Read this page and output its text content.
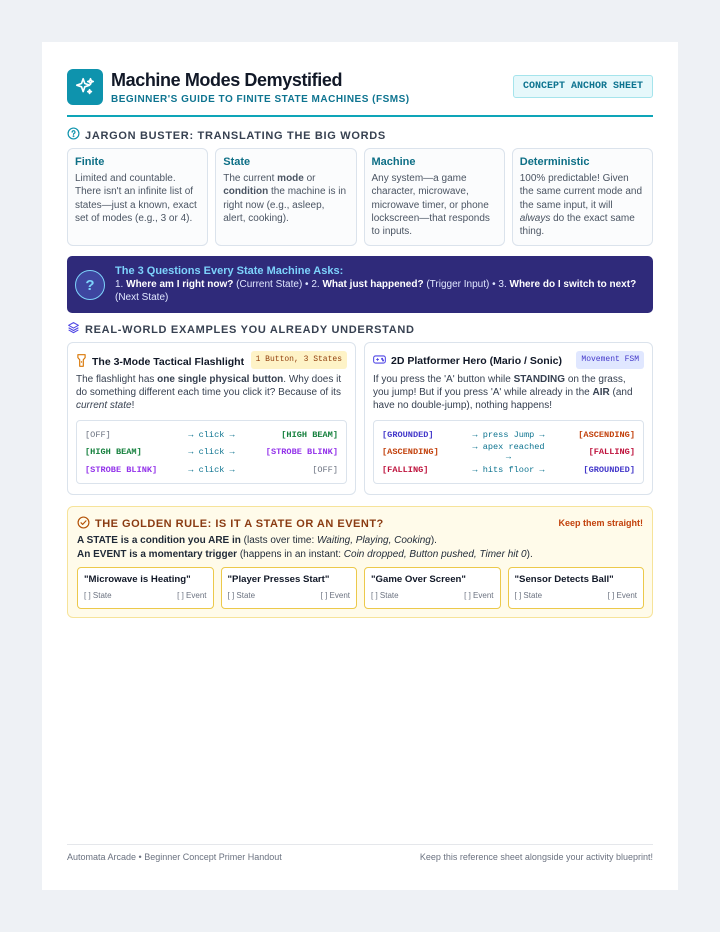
Machine Modes Demystified
BEGINNER'S GUIDE TO FINITE STATE MACHINES (FSMS)
CONCEPT ANCHOR SHEET
JARGON BUSTER: TRANSLATING THE BIG WORDS
Finite
Limited and countable. There isn't an infinite list of states—just a known, exact set of modes (e.g., 3 or 4).
State
The current mode or condition the machine is in right now (e.g., asleep, alert, cooking).
Machine
Any system—a game character, microwave, microwave timer, or phone lockscreen—that responds to inputs.
Deterministic
100% predictable! Given the same current mode and the same input, it will always do the exact same thing.
?
The 3 Questions Every State Machine Asks:
1. Where am I right now? (Current State) • 2. What just happened? (Trigger Input) • 3. Where do I switch to next? (Next State)
REAL-WORLD EXAMPLES YOU ALREADY UNDERSTAND
The 3-Mode Tactical Flashlight	1 Button, 3 States
The flashlight has one single physical button. Why does it do something different each time you click it? Because of its current state!
[OFF]	→ click →	[HIGH BEAM]
[HIGH BEAM]	→ click →	[STROBE BLINK]
[STROBE BLINK]	→ click →	[OFF]
2D Platformer Hero (Mario / Sonic)	Movement FSM
If you press the 'A' button while STANDING on the grass, you jump! But if you press 'A' while already in the AIR (and have no double-jump), nothing happens!
[GROUNDED]	→ press Jump →	[ASCENDING]
[ASCENDING]	→ apex reached →	[FALLING]
[FALLING]	→ hits floor →	[GROUNDED]
THE GOLDEN RULE: IS IT A STATE OR AN EVENT?	Keep them straight!
A STATE is a condition you ARE in (lasts over time: Waiting, Playing, Cooking).
An EVENT is a momentary trigger (happens in an instant: Coin dropped, Button pushed, Timer hit 0).
"Microwave is Heating"
[ ] State	[ ] Event
"Player Presses Start"
[ ] State	[ ] Event
"Game Over Screen"
[ ] State	[ ] Event
"Sensor Detects Ball"
[ ] State	[ ] Event
Automata Arcade • Beginner Concept Primer Handout	Keep this reference sheet alongside your activity blueprint!
